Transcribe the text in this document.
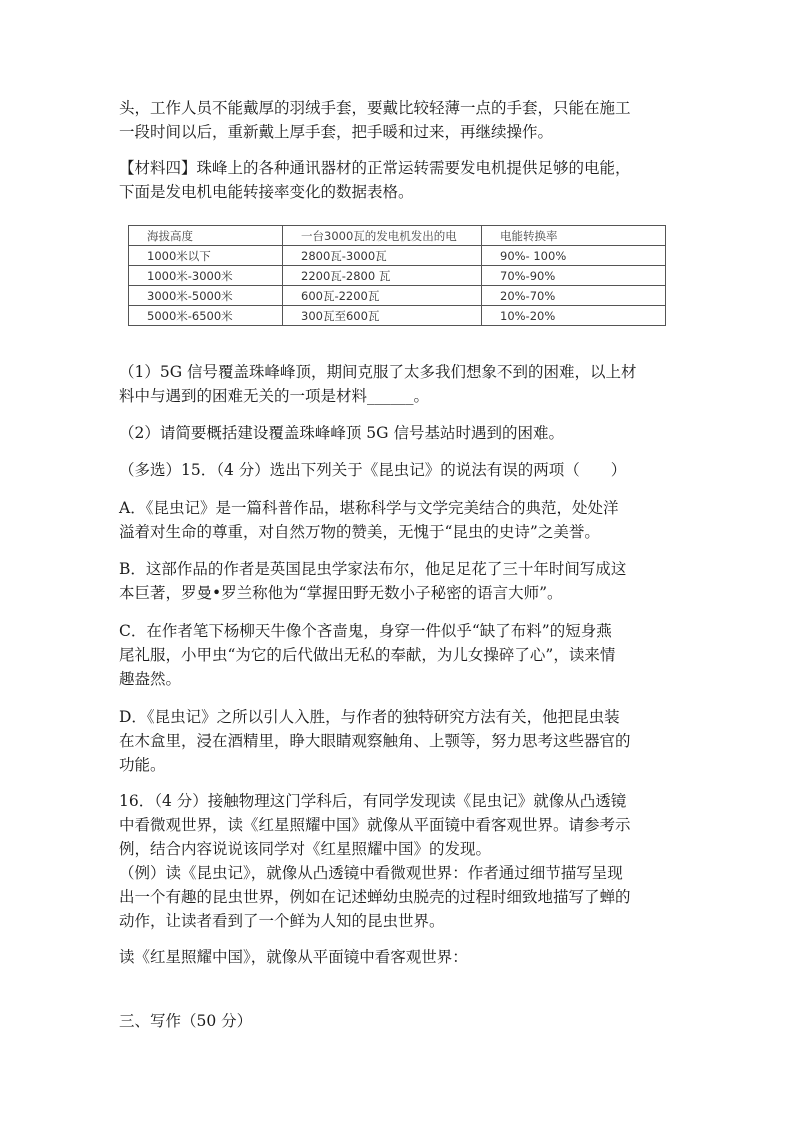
头，工作人员不能戴厚的羽绒手套，要戴比较轻薄一点的手套，只能在施工
一段时间以后，重新戴上厚手套，把手暖和过来，再继续操作。
【材料四】珠峰上的各种通讯器材的正常运转需要发电机提供足够的电能，
下面是发电机电能转接率变化的数据表格。
海拔高度	一台3000瓦的发电机发出的电	电能转换率
1000米以下	2800瓦-3000瓦	90%- 100%
1000米-3000米	2200瓦-2800 瓦	70%-90%
3000米-5000米	600瓦-2200瓦	20%-70%
5000米-6500米	300瓦至600瓦	10%-20%
（1）5G 信号覆盖珠峰峰顶，期间克服了太多我们想象不到的困难，以上材
料中与遇到的困难无关的一项是材料______。
（2）请简要概括建设覆盖珠峰峰顶 5G 信号基站时遇到的困难。
（多选）15．（4 分）选出下列关于《昆虫记》的说法有误的两项（　　）
A．《昆虫记》是一篇科普作品，堪称科学与文学完美结合的典范，处处洋
溢着对生命的尊重，对自然万物的赞美，无愧于“昆虫的史诗”之美誉。
B．这部作品的作者是英国昆虫学家法布尔，他足足花了三十年时间写成这
本巨著，罗曼•罗兰称他为“掌握田野无数小子秘密的语言大师”。
C．在作者笔下杨柳天牛像个吝啬鬼，身穿一件似乎“缺了布料”的短身燕
尾礼服，小甲虫“为它的后代做出无私的奉献，为儿女操碎了心”，读来情
趣盎然。
D．《昆虫记》之所以引人入胜，与作者的独特研究方法有关，他把昆虫装
在木盒里，浸在酒精里，睁大眼睛观察触角、上颚等，努力思考这些器官的
功能。
16．（4 分）接触物理这门学科后，有同学发现读《昆虫记》就像从凸透镜
中看微观世界，读《红星照耀中国》就像从平面镜中看客观世界。请参考示
例，结合内容说说该同学对《红星照耀中国》的发现。
（例）读《昆虫记》，就像从凸透镜中看微观世界：作者通过细节描写呈现
出一个有趣的昆虫世界，例如在记述蝉幼虫脱壳的过程时细致地描写了蝉的
动作，让读者看到了一个鲜为人知的昆虫世界。
读《红星照耀中国》，就像从平面镜中看客观世界：
三、写作（50 分）
